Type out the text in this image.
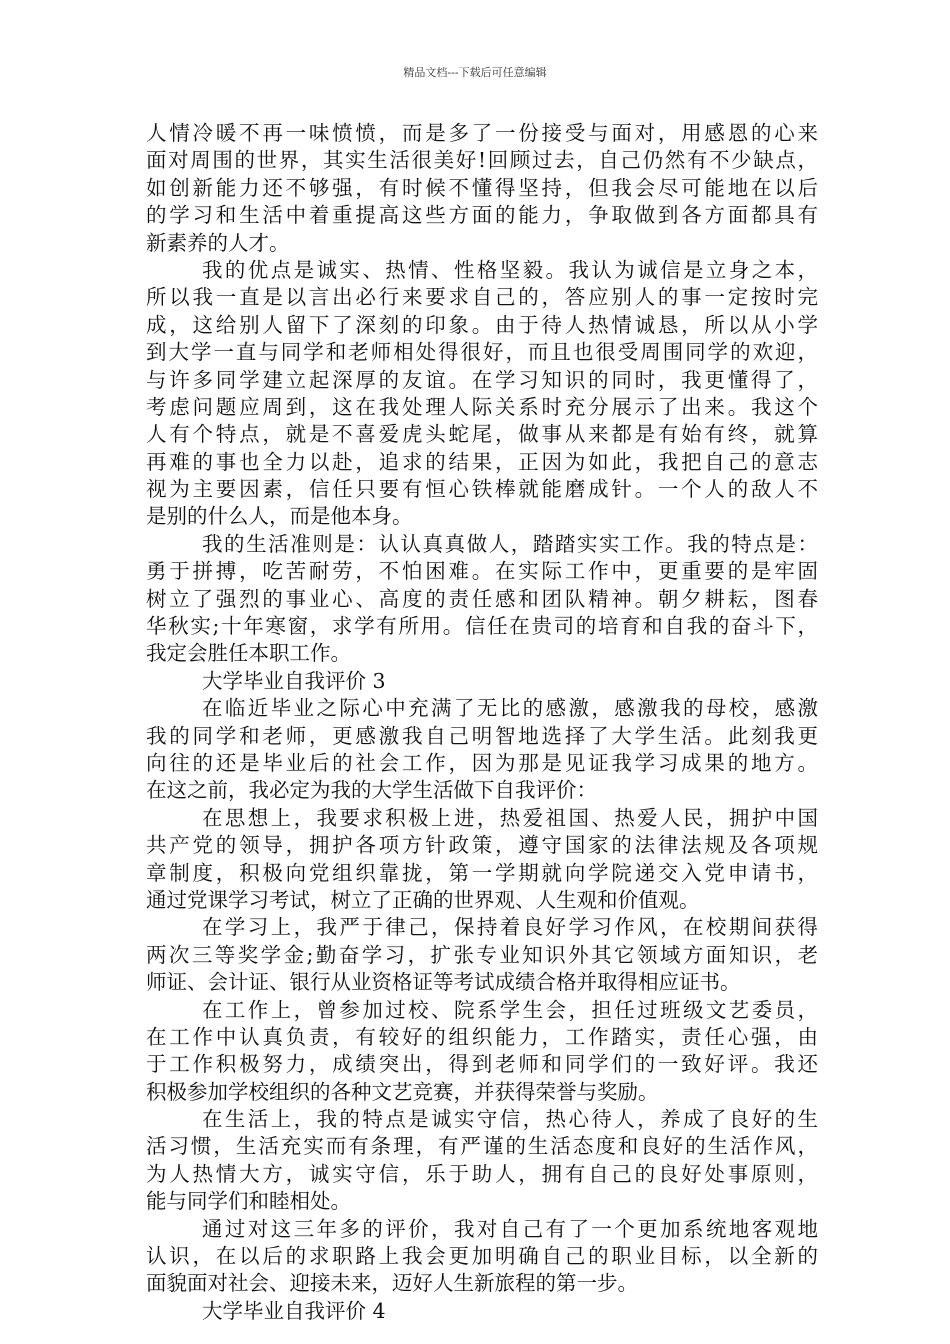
精品文档---下载后可任意编辑
人情冷暖不再一味愤愤，而是多了一份接受与面对，用感恩的心来
面对周围的世界，其实生活很美好!回顾过去，自己仍然有不少缺点，
如创新能力还不够强，有时候不懂得坚持，但我会尽可能地在以后
的学习和生活中着重提高这些方面的能力，争取做到各方面都具有
新素养的人才。
我的优点是诚实、热情、性格坚毅。我认为诚信是立身之本，
所以我一直是以言出必行来要求自己的，答应别人的事一定按时完
成，这给别人留下了深刻的印象。由于待人热情诚恳，所以从小学
到大学一直与同学和老师相处得很好，而且也很受周围同学的欢迎，
与许多同学建立起深厚的友谊。在学习知识的同时，我更懂得了，
考虑问题应周到，这在我处理人际关系时充分展示了出来。我这个
人有个特点，就是不喜爱虎头蛇尾，做事从来都是有始有终，就算
再难的事也全力以赴，追求的结果，正因为如此，我把自己的意志
视为主要因素，信任只要有恒心铁棒就能磨成针。一个人的敌人不
是别的什么人，而是他本身。
我的生活准则是：认认真真做人，踏踏实实工作。我的特点是：
勇于拼搏，吃苦耐劳，不怕困难。在实际工作中，更重要的是牢固
树立了强烈的事业心、高度的责任感和团队精神。朝夕耕耘，图春
华秋实;十年寒窗，求学有所用。信任在贵司的培育和自我的奋斗下，
我定会胜任本职工作。
大学毕业自我评价 3
在临近毕业之际心中充满了无比的感激，感激我的母校，感激
我的同学和老师，更感激我自己明智地选择了大学生活。此刻我更
向往的还是毕业后的社会工作，因为那是见证我学习成果的地方。
在这之前，我必定为我的大学生活做下自我评价：
在思想上，我要求积极上进，热爱祖国、热爱人民，拥护中国
共产党的领导，拥护各项方针政策，遵守国家的法律法规及各项规
章制度，积极向党组织靠拢，第一学期就向学院递交入党申请书，
通过党课学习考试，树立了正确的世界观、人生观和价值观。
在学习上，我严于律己，保持着良好学习作风，在校期间获得
两次三等奖学金;勤奋学习，扩张专业知识外其它领域方面知识，老
师证、会计证、银行从业资格证等考试成绩合格并取得相应证书。
在工作上，曾参加过校、院系学生会，担任过班级文艺委员，
在工作中认真负责，有较好的组织能力，工作踏实，责任心强，由
于工作积极努力，成绩突出，得到老师和同学们的一致好评。我还
积极参加学校组织的各种文艺竞赛，并获得荣誉与奖励。
在生活上，我的特点是诚实守信，热心待人，养成了良好的生
活习惯，生活充实而有条理，有严谨的生活态度和良好的生活作风，
为人热情大方，诚实守信，乐于助人，拥有自己的良好处事原则，
能与同学们和睦相处。
通过对这三年多的评价，我对自己有了一个更加系统地客观地
认识，在以后的求职路上我会更加明确自己的职业目标，以全新的
面貌面对社会、迎接未来，迈好人生新旅程的第一步。
大学毕业自我评价 4
